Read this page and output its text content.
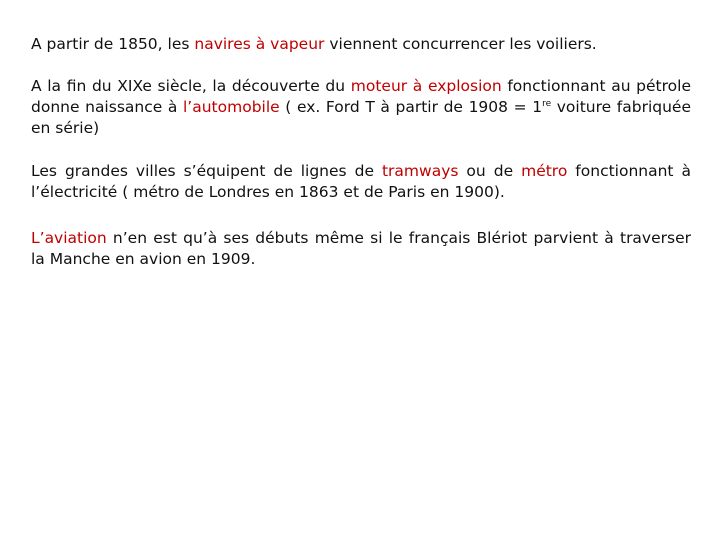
A partir de 1850, les navires à vapeur viennent concurrencer les voiliers.

A la fin du XIXe siècle, la découverte du moteur à explosion fonctionnant au pétrole donne naissance à l’automobile ( ex. Ford T à partir de 1908 = 1re voiture fabriquée en série)

Les grandes villes s’équipent de lignes de tramways ou de métro fonctionnant à l’électricité ( métro de Londres en 1863 et de Paris en 1900).

L’aviation n’en est qu’à ses débuts même si le français Blériot parvient à traverser la Manche en avion en 1909.
